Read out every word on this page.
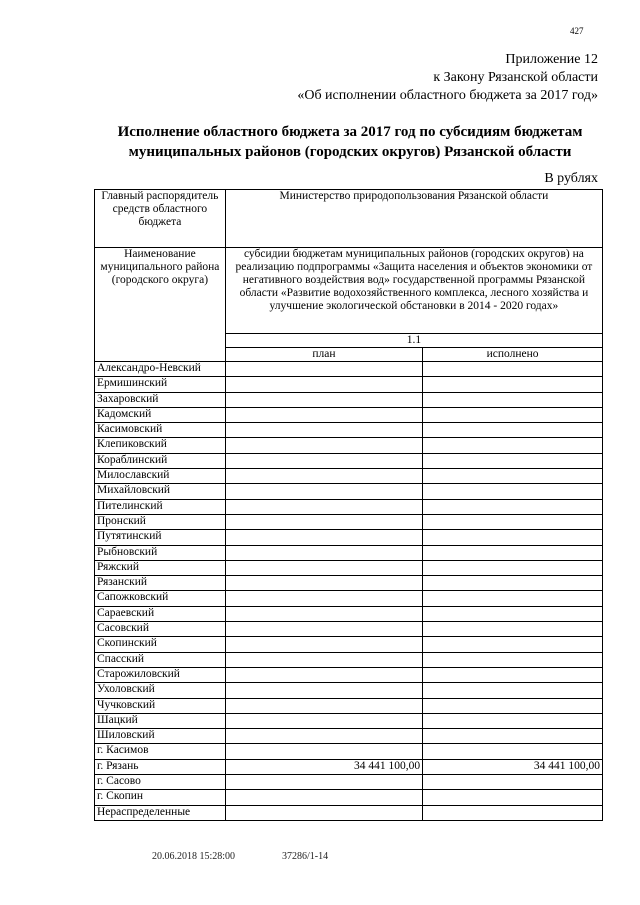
427
Приложение 12
к Закону Рязанской области
«Об исполнении областного бюджета за 2017 год»
Исполнение областного бюджета за 2017 год по субсидиям бюджетам
муниципальных районов (городских округов) Рязанской области
В рублях
Главный распорядитель средств областного бюджета	Министерство природопользования Рязанской области	
Наименование муниципального района (городского округа)	субсидии бюджетам муниципальных районов (городских округов) на реализацию подпрограммы «Защита населения и объектов экономики от негативного воздействия вод» государственной программы Рязанской области «Развитие водохозяйственного комплекса, лесного хозяйства и улучшение экологической обстановки в 2014 - 2020 годах»	
	1.1	
	план	исполнено
Александро-Невский		
Ермишинский		
Захаровский		
Кадомский		
Касимовский		
Клепиковский		
Кораблинский		
Милославский		
Михайловский		
Пителинский		
Пронский		
Путятинский		
Рыбновский		
Ряжский		
Рязанский		
Сапожковский		
Сараевский		
Сасовский		
Скопинский		
Спасский		
Старожиловский		
Ухоловский		
Чучковский		
Шацкий		
Шиловский		
г. Касимов		
г. Рязань	34 441 100,00	34 441 100,00
г. Сасово		
г. Скопин		
Нераспределенные		
20.06.2018 15:28:00	37286/1-14
